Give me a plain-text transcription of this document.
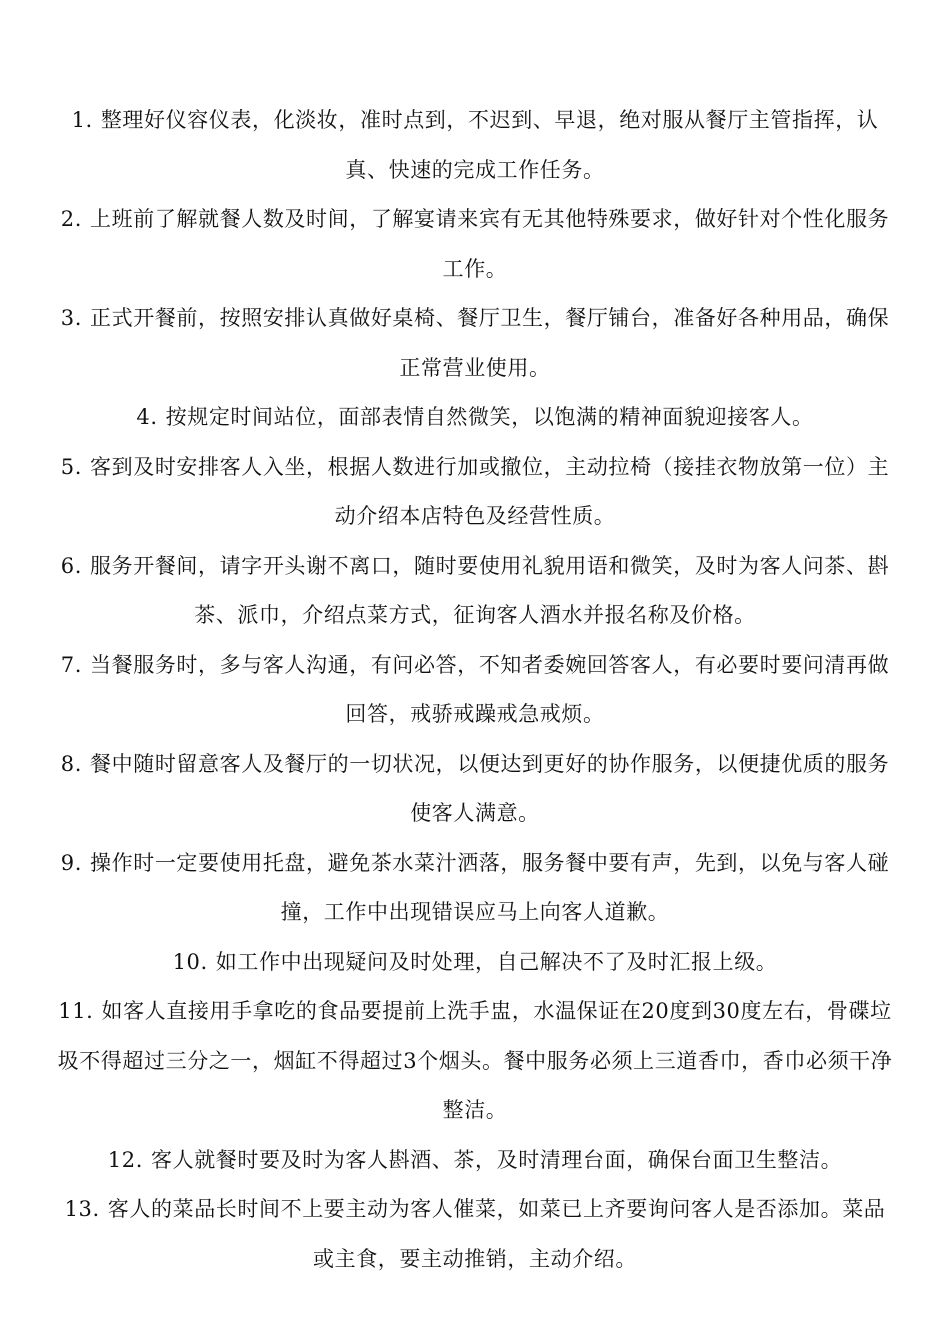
1. 整理好仪容仪表，化淡妆，准时点到，不迟到、早退，绝对服从餐厅主管指挥，认真、快速的完成工作任务。

2. 上班前了解就餐人数及时间，了解宴请来宾有无其他特殊要求，做好针对个性化服务工作。

3. 正式开餐前，按照安排认真做好桌椅、餐厅卫生，餐厅铺台，准备好各种用品，确保正常营业使用。

4. 按规定时间站位，面部表情自然微笑，以饱满的精神面貌迎接客人。

5. 客到及时安排客人入坐，根据人数进行加或撤位，主动拉椅（接挂衣物放第一位）主动介绍本店特色及经营性质。

6. 服务开餐间，请字开头谢不离口，随时要使用礼貌用语和微笑，及时为客人问茶、斟茶、派巾，介绍点菜方式，征询客人酒水并报名称及价格。

7. 当餐服务时，多与客人沟通，有问必答，不知者委婉回答客人，有必要时要问清再做回答，戒骄戒躁戒急戒烦。

8. 餐中随时留意客人及餐厅的一切状况，以便达到更好的协作服务，以便捷优质的服务使客人满意。

9. 操作时一定要使用托盘，避免茶水菜汁洒落，服务餐中要有声，先到，以免与客人碰撞，工作中出现错误应马上向客人道歉。

10. 如工作中出现疑问及时处理，自己解决不了及时汇报上级。

11. 如客人直接用手拿吃的食品要提前上洗手盅，水温保证在20度到30度左右，骨碟垃圾不得超过三分之一，烟缸不得超过3个烟头。餐中服务必须上三道香巾，香巾必须干净整洁。

12. 客人就餐时要及时为客人斟酒、茶，及时清理台面，确保台面卫生整洁。

13. 客人的菜品长时间不上要主动为客人催菜，如菜已上齐要询问客人是否添加。菜品或主食，要主动推销，主动介绍。
